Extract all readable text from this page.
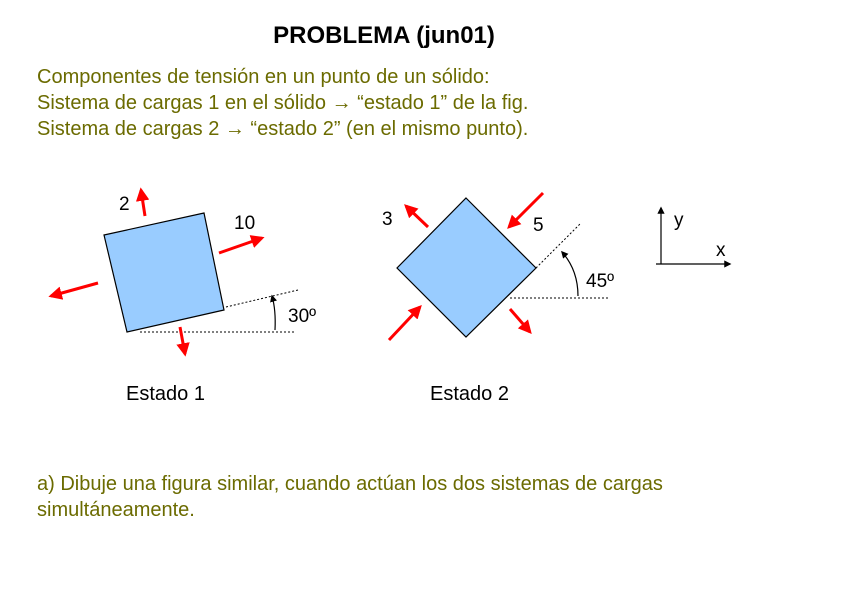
PROBLEMA (jun01)
Componentes de tensión en un punto de un sólido:
Sistema de cargas 1 en el sólido → “estado 1” de la fig.
Sistema de cargas 2 → “estado 2” (en el mismo punto).
2
10
30º
3	5
45º
y
x
Estado 1	Estado 2
a) Dibuje una figura similar, cuando actúan los dos sistemas de cargas simultáneamente.
